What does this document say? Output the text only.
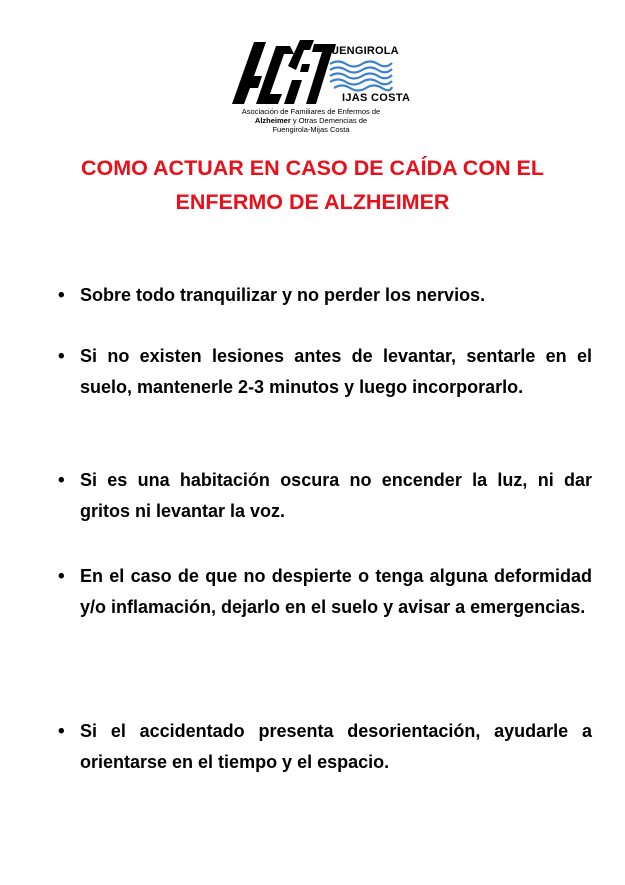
UENGIROLA
IJAS COSTA
Asociación de Familiares de Enfermos de
Alzheimer y Otras Demencias de
Fuengirola-Mijas Costa
COMO ACTUAR EN CASO DE CAÍDA CON EL
ENFERMO DE ALZHEIMER
• Sobre todo tranquilizar y no perder los nervios.
• Si no existen lesiones antes de levantar, sentarle en el suelo, mantenerle 2-3 minutos y luego incorporarlo.
• Si es una habitación oscura no encender la luz, ni dar gritos ni levantar la voz.
• En el caso de que no despierte o tenga alguna deformidad y/o inflamación, dejarlo en el suelo y avisar a emergencias.
• Si el accidentado presenta desorientación, ayudarle a orientarse en el tiempo y el espacio.
